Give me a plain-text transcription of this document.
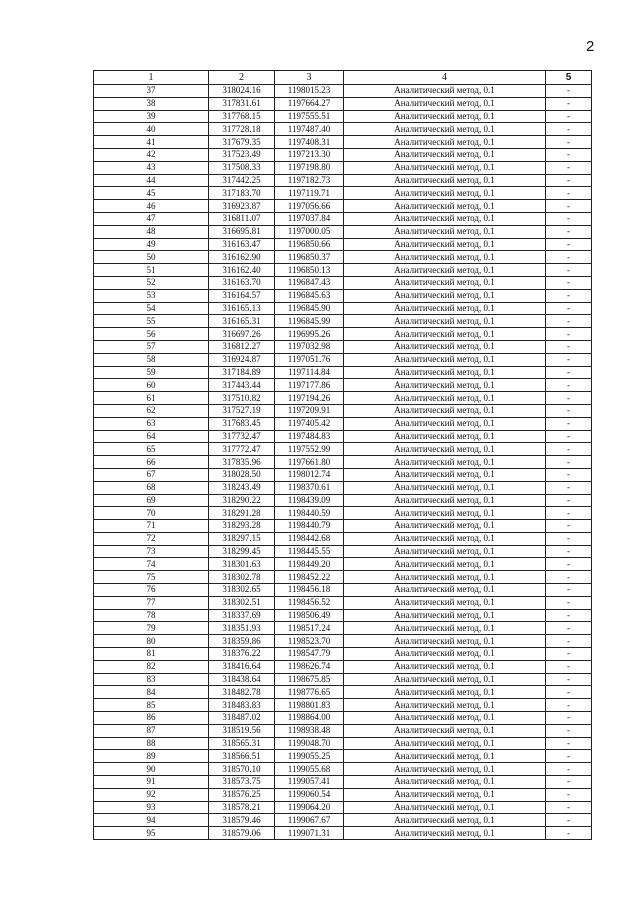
2
1	2	3	4	5
37	318024.16	1198015.23	Аналитический метод, 0.1	-
38	317831.61	1197664.27	Аналитический метод, 0.1	-
39	317768.15	1197555.51	Аналитический метод, 0.1	-
40	317728.18	1197487.40	Аналитический метод, 0.1	-
41	317679.35	1197408.31	Аналитический метод, 0.1	-
42	317523.49	1197213.30	Аналитический метод, 0.1	-
43	317508.33	1197198.80	Аналитический метод, 0.1	-
44	317442.25	1197182.73	Аналитический метод, 0.1	-
45	317183.70	1197119.71	Аналитический метод, 0.1	-
46	316923.87	1197056.66	Аналитический метод, 0.1	-
47	316811.07	1197037.84	Аналитический метод, 0.1	-
48	316695.81	1197000.05	Аналитический метод, 0.1	-
49	316163.47	1196850.66	Аналитический метод, 0.1	-
50	316162.90	1196850.37	Аналитический метод, 0.1	-
51	316162.40	1196850.13	Аналитический метод, 0.1	-
52	316163.70	1196847.43	Аналитический метод, 0.1	-
53	316164.57	1196845.63	Аналитический метод, 0.1	-
54	316165.13	1196845.90	Аналитический метод, 0.1	-
55	316165.31	1196845.99	Аналитический метод, 0.1	-
56	316697.26	1196995.26	Аналитический метод, 0.1	-
57	316812.27	1197032.98	Аналитический метод, 0.1	-
58	316924.87	1197051.76	Аналитический метод, 0.1	-
59	317184.89	1197114.84	Аналитический метод, 0.1	-
60	317443.44	1197177.86	Аналитический метод, 0.1	-
61	317510.82	1197194.26	Аналитический метод, 0.1	-
62	317527.19	1197209.91	Аналитический метод, 0.1	-
63	317683.45	1197405.42	Аналитический метод, 0.1	-
64	317732.47	1197484.83	Аналитический метод, 0.1	-
65	317772.47	1197552.99	Аналитический метод, 0.1	-
66	317835.96	1197661.80	Аналитический метод, 0.1	-
67	318028.50	1198012.74	Аналитический метод, 0.1	-
68	318243.49	1198370.61	Аналитический метод, 0.1	-
69	318290.22	1198439.09	Аналитический метод, 0.1	-
70	318291.28	1198440.59	Аналитический метод, 0.1	-
71	318293.28	1198440.79	Аналитический метод, 0.1	-
72	318297.15	1198442.68	Аналитический метод, 0.1	-
73	318299.45	1198445.55	Аналитический метод, 0.1	-
74	318301.63	1198449.20	Аналитический метод, 0.1	-
75	318302.78	1198452.22	Аналитический метод, 0.1	-
76	318302.65	1198456.18	Аналитический метод, 0.1	-
77	318302.51	1198456.52	Аналитический метод, 0.1	-
78	318337.69	1198506.49	Аналитический метод, 0.1	-
79	318351.93	1198517.24	Аналитический метод, 0.1	-
80	318359.86	1198523.70	Аналитический метод, 0.1	-
81	318376.22	1198547.79	Аналитический метод, 0.1	-
82	318416.64	1198626.74	Аналитический метод, 0.1	-
83	318438.64	1198675.85	Аналитический метод, 0.1	-
84	318482.78	1198776.65	Аналитический метод, 0.1	-
85	318483.83	1198801.83	Аналитический метод, 0.1	-
86	318487.02	1198864.00	Аналитический метод, 0.1	-
87	318519.56	1198938.48	Аналитический метод, 0.1	-
88	318565.31	1199048.70	Аналитический метод, 0.1	-
89	318566.51	1199055.25	Аналитический метод, 0.1	-
90	318570.10	1199055.68	Аналитический метод, 0.1	-
91	318573.75	1199057.41	Аналитический метод, 0.1	-
92	318576.25	1199060.54	Аналитический метод, 0.1	-
93	318578.21	1199064.20	Аналитический метод, 0.1	-
94	318579.46	1199067.67	Аналитический метод, 0.1	-
95	318579.06	1199071.31	Аналитический метод, 0.1	-
